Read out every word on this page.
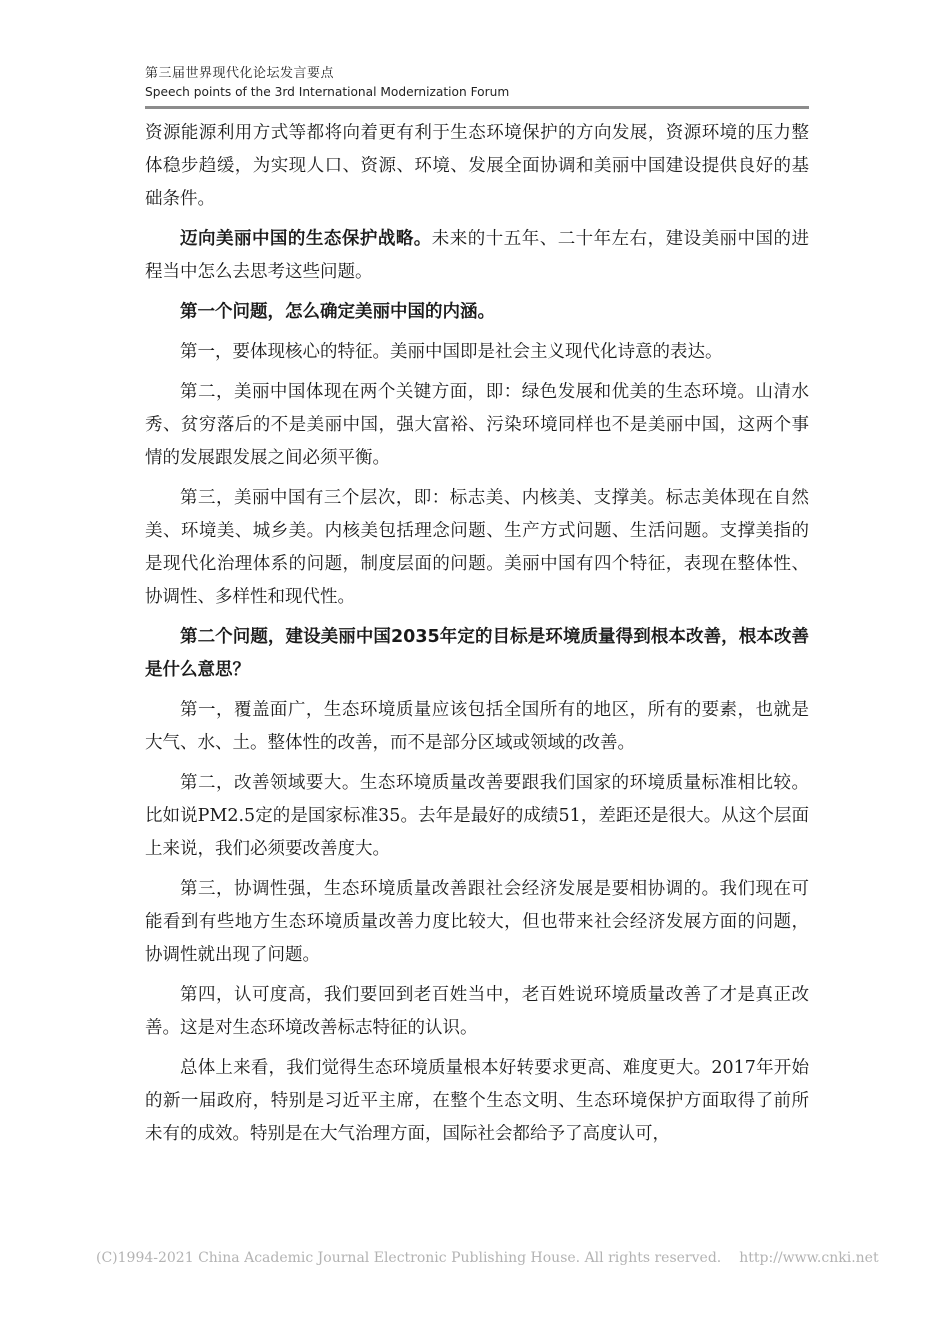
第三届世界现代化论坛发言要点
Speech points of the 3rd International Modernization Forum

资源能源利用方式等都将向着更有利于生态环境保护的方向发展，资源环境的压力整体稳步趋缓，为实现人口、资源、环境、发展全面协调和美丽中国建设提供良好的基础条件。

迈向美丽中国的生态保护战略。未来的十五年、二十年左右，建设美丽中国的进程当中怎么去思考这些问题。

第一个问题，怎么确定美丽中国的内涵。

第一，要体现核心的特征。美丽中国即是社会主义现代化诗意的表达。

第二，美丽中国体现在两个关键方面，即：绿色发展和优美的生态环境。山清水秀、贫穷落后的不是美丽中国，强大富裕、污染环境同样也不是美丽中国，这两个事情的发展跟发展之间必须平衡。

第三，美丽中国有三个层次，即：标志美、内核美、支撑美。标志美体现在自然美、环境美、城乡美。内核美包括理念问题、生产方式问题、生活问题。支撑美指的是现代化治理体系的问题，制度层面的问题。美丽中国有四个特征，表现在整体性、协调性、多样性和现代性。

第二个问题，建设美丽中国2035年定的目标是环境质量得到根本改善，根本改善是什么意思？

第一，覆盖面广，生态环境质量应该包括全国所有的地区，所有的要素，也就是大气、水、土。整体性的改善，而不是部分区域或领域的改善。

第二，改善领域要大。生态环境质量改善要跟我们国家的环境质量标准相比较。比如说PM2.5定的是国家标准35。去年是最好的成绩51，差距还是很大。从这个层面上来说，我们必须要改善度大。

第三，协调性强，生态环境质量改善跟社会经济发展是要相协调的。我们现在可能看到有些地方生态环境质量改善力度比较大，但也带来社会经济发展方面的问题，协调性就出现了问题。

第四，认可度高，我们要回到老百姓当中，老百姓说环境质量改善了才是真正改善。这是对生态环境改善标志特征的认识。

总体上来看，我们觉得生态环境质量根本好转要求更高、难度更大。2017年开始的新一届政府，特别是习近平主席，在整个生态文明、生态环境保护方面取得了前所未有的成效。特别是在大气治理方面，国际社会都给予了高度认可，

(C)1994-2021 China Academic Journal Electronic Publishing House. All rights reserved. http://www.cnki.net
